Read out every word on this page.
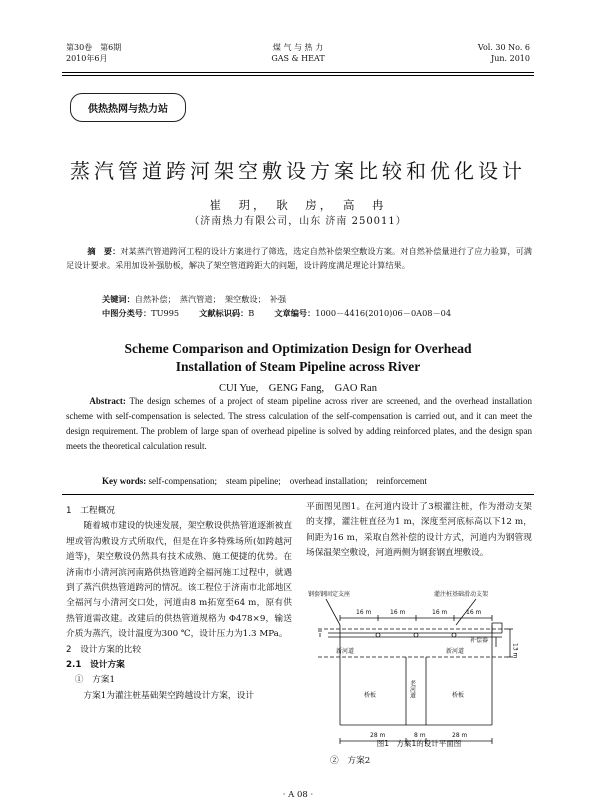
第30卷　第6期
2010年6月
煤 气 与 热 力
GAS & HEAT
Vol. 30 No. 6
Jun. 2010
供热热网与热力站
蒸汽管道跨河架空敷设方案比较和优化设计
崔　玥，　耿　房，　高　冉
（济南热力有限公司，山东 济南 250011）
摘　要：对某蒸汽管道跨河工程的设计方案进行了筛选，选定自然补偿架空敷设方案。对自然补偿量进行了应力验算，可满足设计要求。采用加设补强肋板，解决了架空管道跨距大的问题，设计跨度满足理论计算结果。
关键词：自然补偿；　蒸汽管道；　架空敷设；　补强
中图分类号：TU995 文献标识码：B 文章编号：1000－4416(2010)06－0A08－04
Scheme Comparison and Optimization Design for Overhead
Installation of Steam Pipeline across River
CUI Yue,　GENG Fang,　GAO Ran
Abstract: The design schemes of a project of steam pipeline across river are screened, and the overhead installation scheme with self-compensation is selected. The stress calculation of the self-compensation is carried out, and it can meet the design requirement. The problem of large span of overhead pipeline is solved by adding reinforced plates, and the design span meets the theoretical calculation result.
Key words: self-compensation;　steam pipeline;　overhead installation;　reinforcement
1　工程概况
随着城市建设的快速发展，架空敷设供热管道逐渐被直埋或管沟敷设方式所取代，但是在许多特殊场所(如跨越河道等)，架空敷设仍然具有技术成熟、施工便捷的优势。在济南市小清河滨河南路供热管道跨全福河施工过程中，就遇到了蒸汽供热管道跨河的情况。该工程位于济南市北部地区全福河与小清河交口处，河道由8 m拓宽至64 m，原有供热管道需改建。改建后的供热管道规格为 Φ478×9，输送介质为蒸汽，设计温度为300 ℃，设计压力为1.3 MPa。
2　设计方案的比较
2.1　设计方案
①　方案1
方案1为灌注桩基础架空跨越设计方案，设计
平面图见图1。在河道内设计了3根灌注桩，作为滑动支架的支撑，灌注桩直径为1 m，深度至河底标高以下12 m，间距为16 m，采取自然补偿的设计方式，河道内为钢管现场保温架空敷设，河道两侧为钢套钢直埋敷设。
钢套钢固定支座	灌注桩基础滑动支架
16 m	16 m	16 m	16 m
新河道	新河道
补偿器
桥板	桥板
28 m	8 m	28 m
老河道
13 m
图1　方案1的设计平面图
②　方案2
· A 08 ·
